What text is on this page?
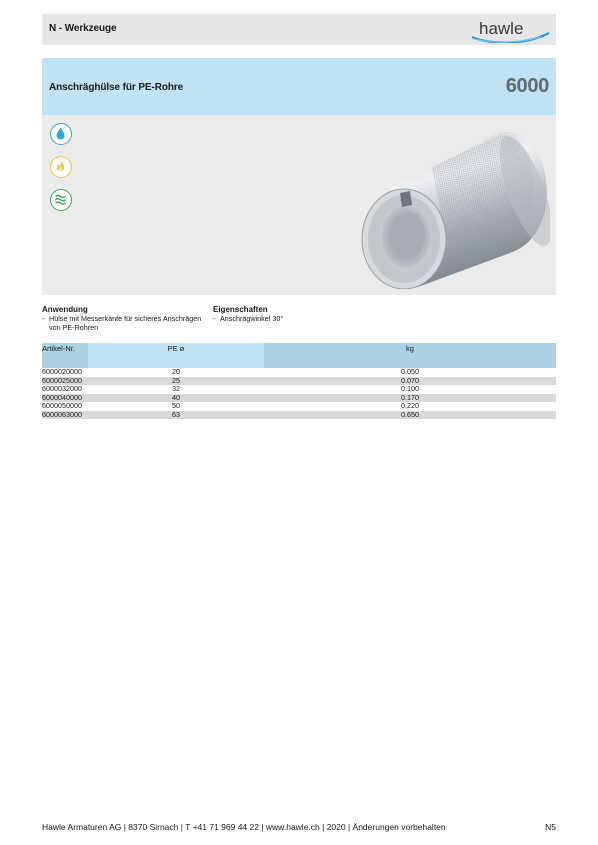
N - Werkzeuge	hawle
Anschräghülse für PE-Rohre	6000
Anwendung
- Hülse mit Messerkante für sicheres Anschrägen
von PE-Rohren
Eigenschaften
- Anschrägwinkel 30°
Artikel-Nr.	PE ø	kg
6000020000	20	0.050
6000025000	25	0.070
6000032000	32	0.100
6000040000	40	0.170
6000050000	50	0.220
6000063000	63	0.650
Hawle Armaturen AG | 8370 Sirnach | T +41 71 969 44 22 | www.hawle.ch | 2020 | Änderungen vorbehalten	N5
